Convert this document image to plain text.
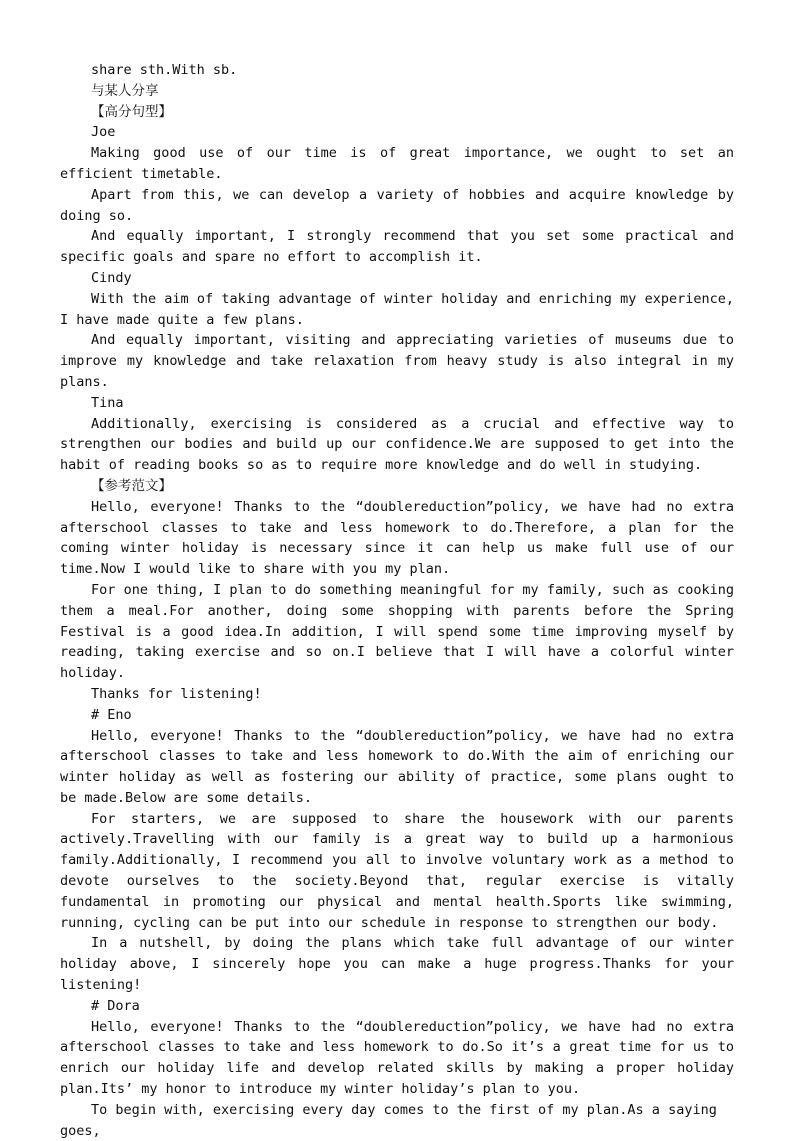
share sth.With sb.

与某人分享

【高分句型】

Joe

Making good use of our time is of great importance, we ought to set an efficient timetable.

Apart from this, we can develop a variety of hobbies and acquire knowledge by doing so.

And equally important, I strongly recommend that you set some practical and specific goals and spare no effort to accomplish it.

Cindy

With the aim of taking advantage of winter holiday and enriching my experience, I have made quite a few plans.

And equally important, visiting and appreciating varieties of museums due to improve my knowledge and take relaxation from heavy study is also integral in my plans.

Tina

Additionally, exercising is considered as a crucial and effective way to strengthen our bodies and build up our confidence.We are supposed to get into the habit of reading books so as to require more knowledge and do well in studying.

【参考范文】

Hello, everyone! Thanks to the “doublereduction”policy, we have had no extra afterschool classes to take and less homework to do.Therefore, a plan for the coming winter holiday is necessary since it can help us make full use of our time.Now I would like to share with you my plan.

For one thing, I plan to do something meaningful for my family, such as cooking them a meal.For another, doing some shopping with parents before the Spring Festival is a good idea.In addition, I will spend some time improving myself by reading, taking exercise and so on.I believe that I will have a colorful winter holiday.

Thanks for listening!

# Eno

Hello, everyone! Thanks to the “doublereduction”policy, we have had no extra afterschool classes to take and less homework to do.With the aim of enriching our winter holiday as well as fostering our ability of practice, some plans ought to be made.Below are some details.

For starters, we are supposed to share the housework with our parents actively.Travelling with our family is a great way to build up a harmonious family.Additionally, I recommend you all to involve voluntary work as a method to devote ourselves to the society.Beyond that, regular exercise is vitally fundamental in promoting our physical and mental health.Sports like swimming, running, cycling can be put into our schedule in response to strengthen our body.

In a nutshell, by doing the plans which take full advantage of our winter holiday above, I sincerely hope you can make a huge progress.Thanks for your listening!

# Dora

Hello, everyone! Thanks to the “doublereduction”policy, we have had no extra afterschool classes to take and less homework to do.So it’s a great time for us to enrich our holiday life and develop related skills by making a proper holiday plan.Its’ my honor to introduce my winter holiday’s plan to you.

To begin with, exercising every day comes to the first of my plan.As a saying goes,
